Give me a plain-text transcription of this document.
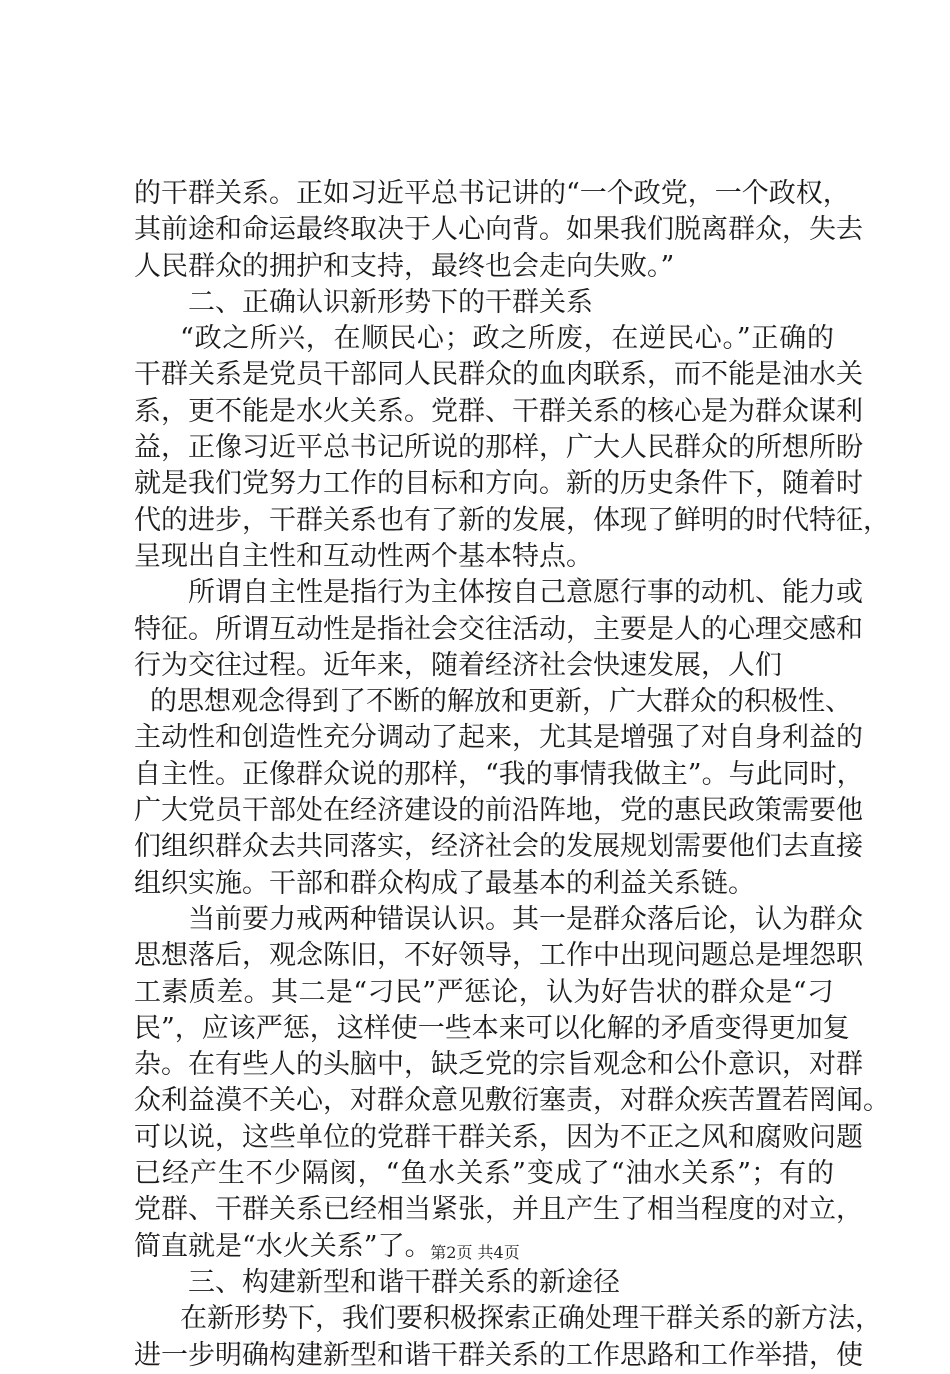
的干群关系。正如习近平总书记讲的“一个政党，一个政权，
其前途和命运最终取决于人心向背。如果我们脱离群众，失去
人民群众的拥护和支持，最终也会走向失败。”
二、正确认识新形势下的干群关系
“政之所兴，在顺民心；政之所废，在逆民心。”正确的
干群关系是党员干部同人民群众的血肉联系，而不能是油水关
系，更不能是水火关系。党群、干群关系的核心是为群众谋利
益，正像习近平总书记所说的那样，广大人民群众的所想所盼
就是我们党努力工作的目标和方向。新的历史条件下，随着时
代的进步，干群关系也有了新的发展，体现了鲜明的时代特征，
呈现出自主性和互动性两个基本特点。
所谓自主性是指行为主体按自己意愿行事的动机、能力或
特征。所谓互动性是指社会交往活动，主要是人的心理交感和
行为交往过程。近年来，随着经济社会快速发展，人们
的思想观念得到了不断的解放和更新，广大群众的积极性、
主动性和创造性充分调动了起来，尤其是增强了对自身利益的
自主性。正像群众说的那样，“我的事情我做主”。与此同时，
广大党员干部处在经济建设的前沿阵地，党的惠民政策需要他
们组织群众去共同落实，经济社会的发展规划需要他们去直接
组织实施。干部和群众构成了最基本的利益关系链。
当前要力戒两种错误认识。其一是群众落后论，认为群众
思想落后，观念陈旧，不好领导，工作中出现问题总是埋怨职
工素质差。其二是“刁民”严惩论，认为好告状的群众是“刁
民”，应该严惩，这样使一些本来可以化解的矛盾变得更加复
杂。在有些人的头脑中，缺乏党的宗旨观念和公仆意识，对群
众利益漠不关心，对群众意见敷衍塞责，对群众疾苦置若罔闻。
可以说，这些单位的党群干群关系，因为不正之风和腐败问题
已经产生不少隔阂，“鱼水关系”变成了“油水关系”；有的
党群、干群关系已经相当紧张，并且产生了相当程度的对立，
简直就是“水火关系”了。
三、构建新型和谐干群关系的新途径
在新形势下，我们要积极探索正确处理干群关系的新方法，
进一步明确构建新型和谐干群关系的工作思路和工作举措，使
第2页 共4页
